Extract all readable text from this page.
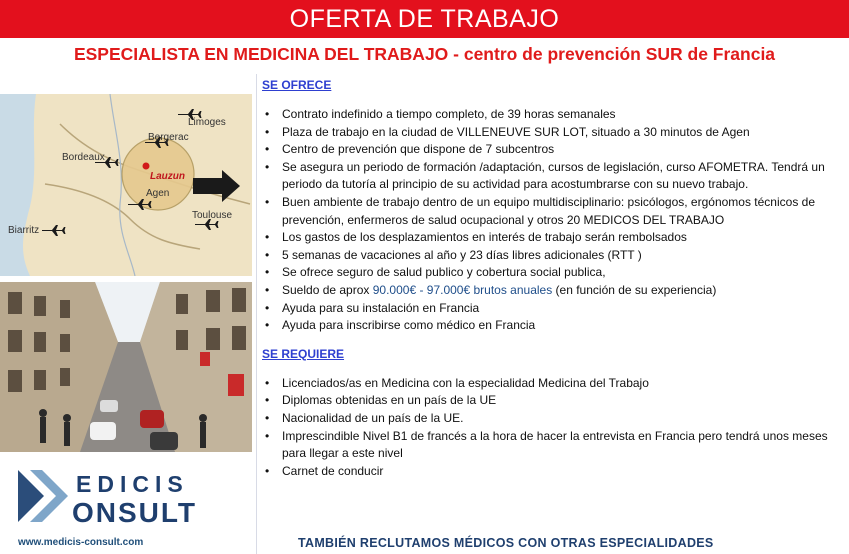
OFERTA DE TRABAJO
ESPECIALISTA EN MEDICINA DEL TRABAJO - centro de prevención SUR de Francia
Limoges
Bergerac
Lauzun
Bordeaux
Agen
Toulouse
Biarritz
EDICIS
ONSULT
www.medicis-consult.com
SE OFRECE
• Contrato indefinido a tiempo completo, de 39 horas semanales
• Plaza de trabajo en la ciudad de VILLENEUVE SUR LOT, situado a 30 minutos de Agen
• Centro de prevención que dispone de 7 subcentros
• Se asegura un periodo de formación /adaptación, cursos de legislación, curso AFOMETRA. Tendrá un periodo da tutoría al principio de su actividad para acostumbrarse con su nuevo trabajo.
• Buen ambiente de trabajo dentro de un equipo multidisciplinario: psicólogos, ergónomos técnicos de prevención, enfermeros de salud ocupacional y otros 20 MEDICOS DEL TRABAJO
• Los gastos de los desplazamientos en interés de trabajo serán rembolsados
• 5 semanas de vacaciones al año y 23 días libres adicionales (RTT )
• Se ofrece seguro de salud publico y cobertura social publica,
• Sueldo de aprox 90.000€ - 97.000€ brutos anuales (en función de su experiencia)
• Ayuda para su instalación en Francia
• Ayuda para inscribirse como médico en Francia
SE REQUIERE
• Licenciados/as en Medicina con la especialidad Medicina del Trabajo
• Diplomas obtenidas en un país de la UE
• Nacionalidad de un país de la UE.
• Imprescindible Nivel B1 de francés a la hora de hacer la entrevista en Francia pero tendrá unos meses para llegar a este nivel
• Carnet de conducir
TAMBIÉN RECLUTAMOS MÉDICOS CON OTRAS ESPECIALIDADES
